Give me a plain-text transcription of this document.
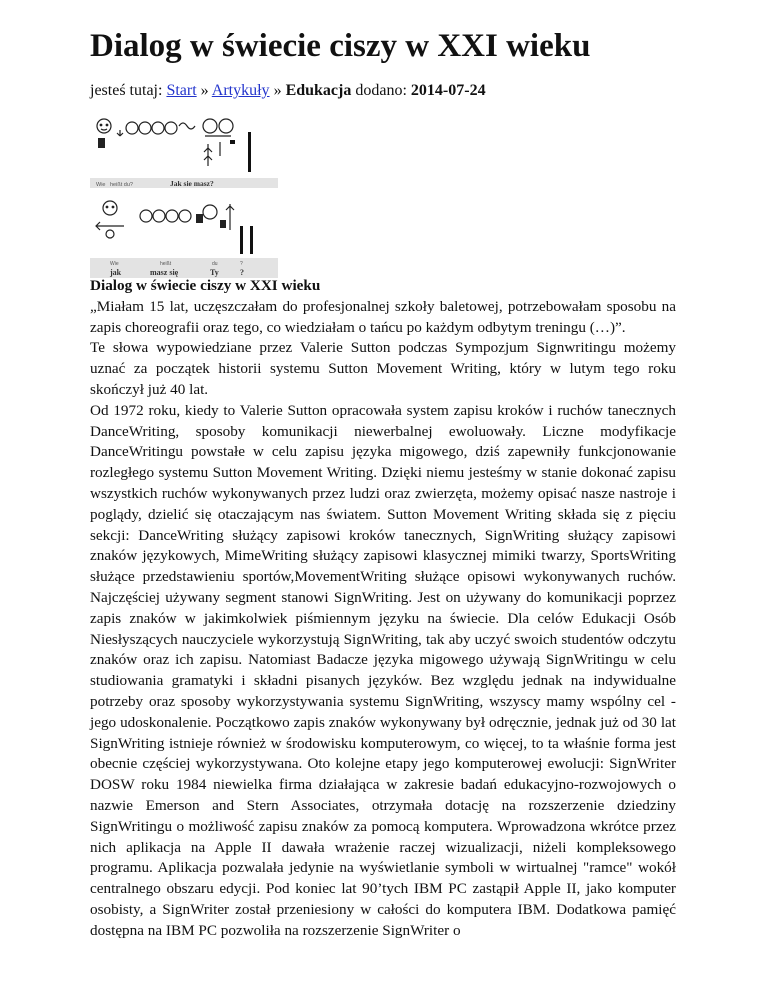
Dialog w świecie ciszy w XXI wieku
jesteś tutaj: Start » Artykuły » Edukacja dodano: 2014-07-24
Wie heißt du?	Jak sie masz?
Wie	heißt	du	?
jak	masz się	Ty	?

Dialog w świecie ciszy w XXI wieku

„Miałam 15 lat, uczęszczałam do profesjonalnej szkoły baletowej, potrzebowałam sposobu na zapis choreografii oraz tego, co wiedziałam o tańcu po każdym odbytym treningu (…)”.

Te słowa wypowiedziane przez Valerie Sutton podczas Sympozjum Signwritingu możemy uznać za początek historii systemu Sutton Movement Writing, który w lutym tego roku skończył już 40 lat.

Od 1972 roku, kiedy to Valerie Sutton opracowała system zapisu kroków i ruchów tanecznych DanceWriting, sposoby komunikacji niewerbalnej ewoluowały. Liczne modyfikacje DanceWritingu powstałe w celu zapisu języka migowego, dziś zapewniły funkcjonowanie rozległego systemu Sutton Movement Writing. Dzięki niemu jesteśmy w stanie dokonać zapisu wszystkich ruchów wykonywanych przez ludzi oraz zwierzęta, możemy opisać nasze nastroje i poglądy, dzielić się otaczającym nas światem. Sutton Movement Writing składa się z pięciu sekcji: DanceWriting służący zapisowi kroków tanecznych, SignWriting służący zapisowi znaków językowych, MimeWriting służący zapisowi klasycznej mimiki twarzy, SportsWriting służące przedstawieniu sportów,MovementWriting służące opisowi wykonywanych ruchów. Najczęściej używany segment stanowi SignWriting. Jest on używany do komunikacji poprzez zapis znaków w jakimkolwiek piśmiennym języku na świecie. Dla celów Edukacji Osób Niesłyszących nauczyciele wykorzystują SignWriting, tak aby uczyć swoich studentów odczytu znaków oraz ich zapisu. Natomiast Badacze języka migowego używają SignWritingu w celu studiowania gramatyki i składni pisanych języków. Bez względu jednak na indywidualne potrzeby oraz sposoby wykorzystywania systemu SignWriting, wszyscy mamy wspólny cel - jego udoskonalenie. Początkowo zapis znaków wykonywany był odręcznie, jednak już od 30 lat SignWriting istnieje również w środowisku komputerowym, co więcej, to ta właśnie forma jest obecnie częściej wykorzystywana. Oto kolejne etapy jego komputerowej ewolucji: SignWriter DOSW roku 1984 niewielka firma działająca w zakresie badań edukacyjno-rozwojowych o nazwie Emerson and Stern Associates, otrzymała dotację na rozszerzenie dziedziny SignWritingu o możliwość zapisu znaków za pomocą komputera. Wprowadzona wkrótce przez nich aplikacja na Apple II dawała wrażenie raczej wizualizacji, niżeli kompleksowego programu. Aplikacja pozwalała jedynie na wyświetlanie symboli w wirtualnej "ramce" wokół centralnego obszaru edycji. Pod koniec lat 90’tych IBM PC zastąpił Apple II, jako komputer osobisty, a SignWriter został przeniesiony w całości do komputera IBM. Dodatkowa pamięć dostępna na IBM PC pozwoliła na rozszerzenie SignWriter o
